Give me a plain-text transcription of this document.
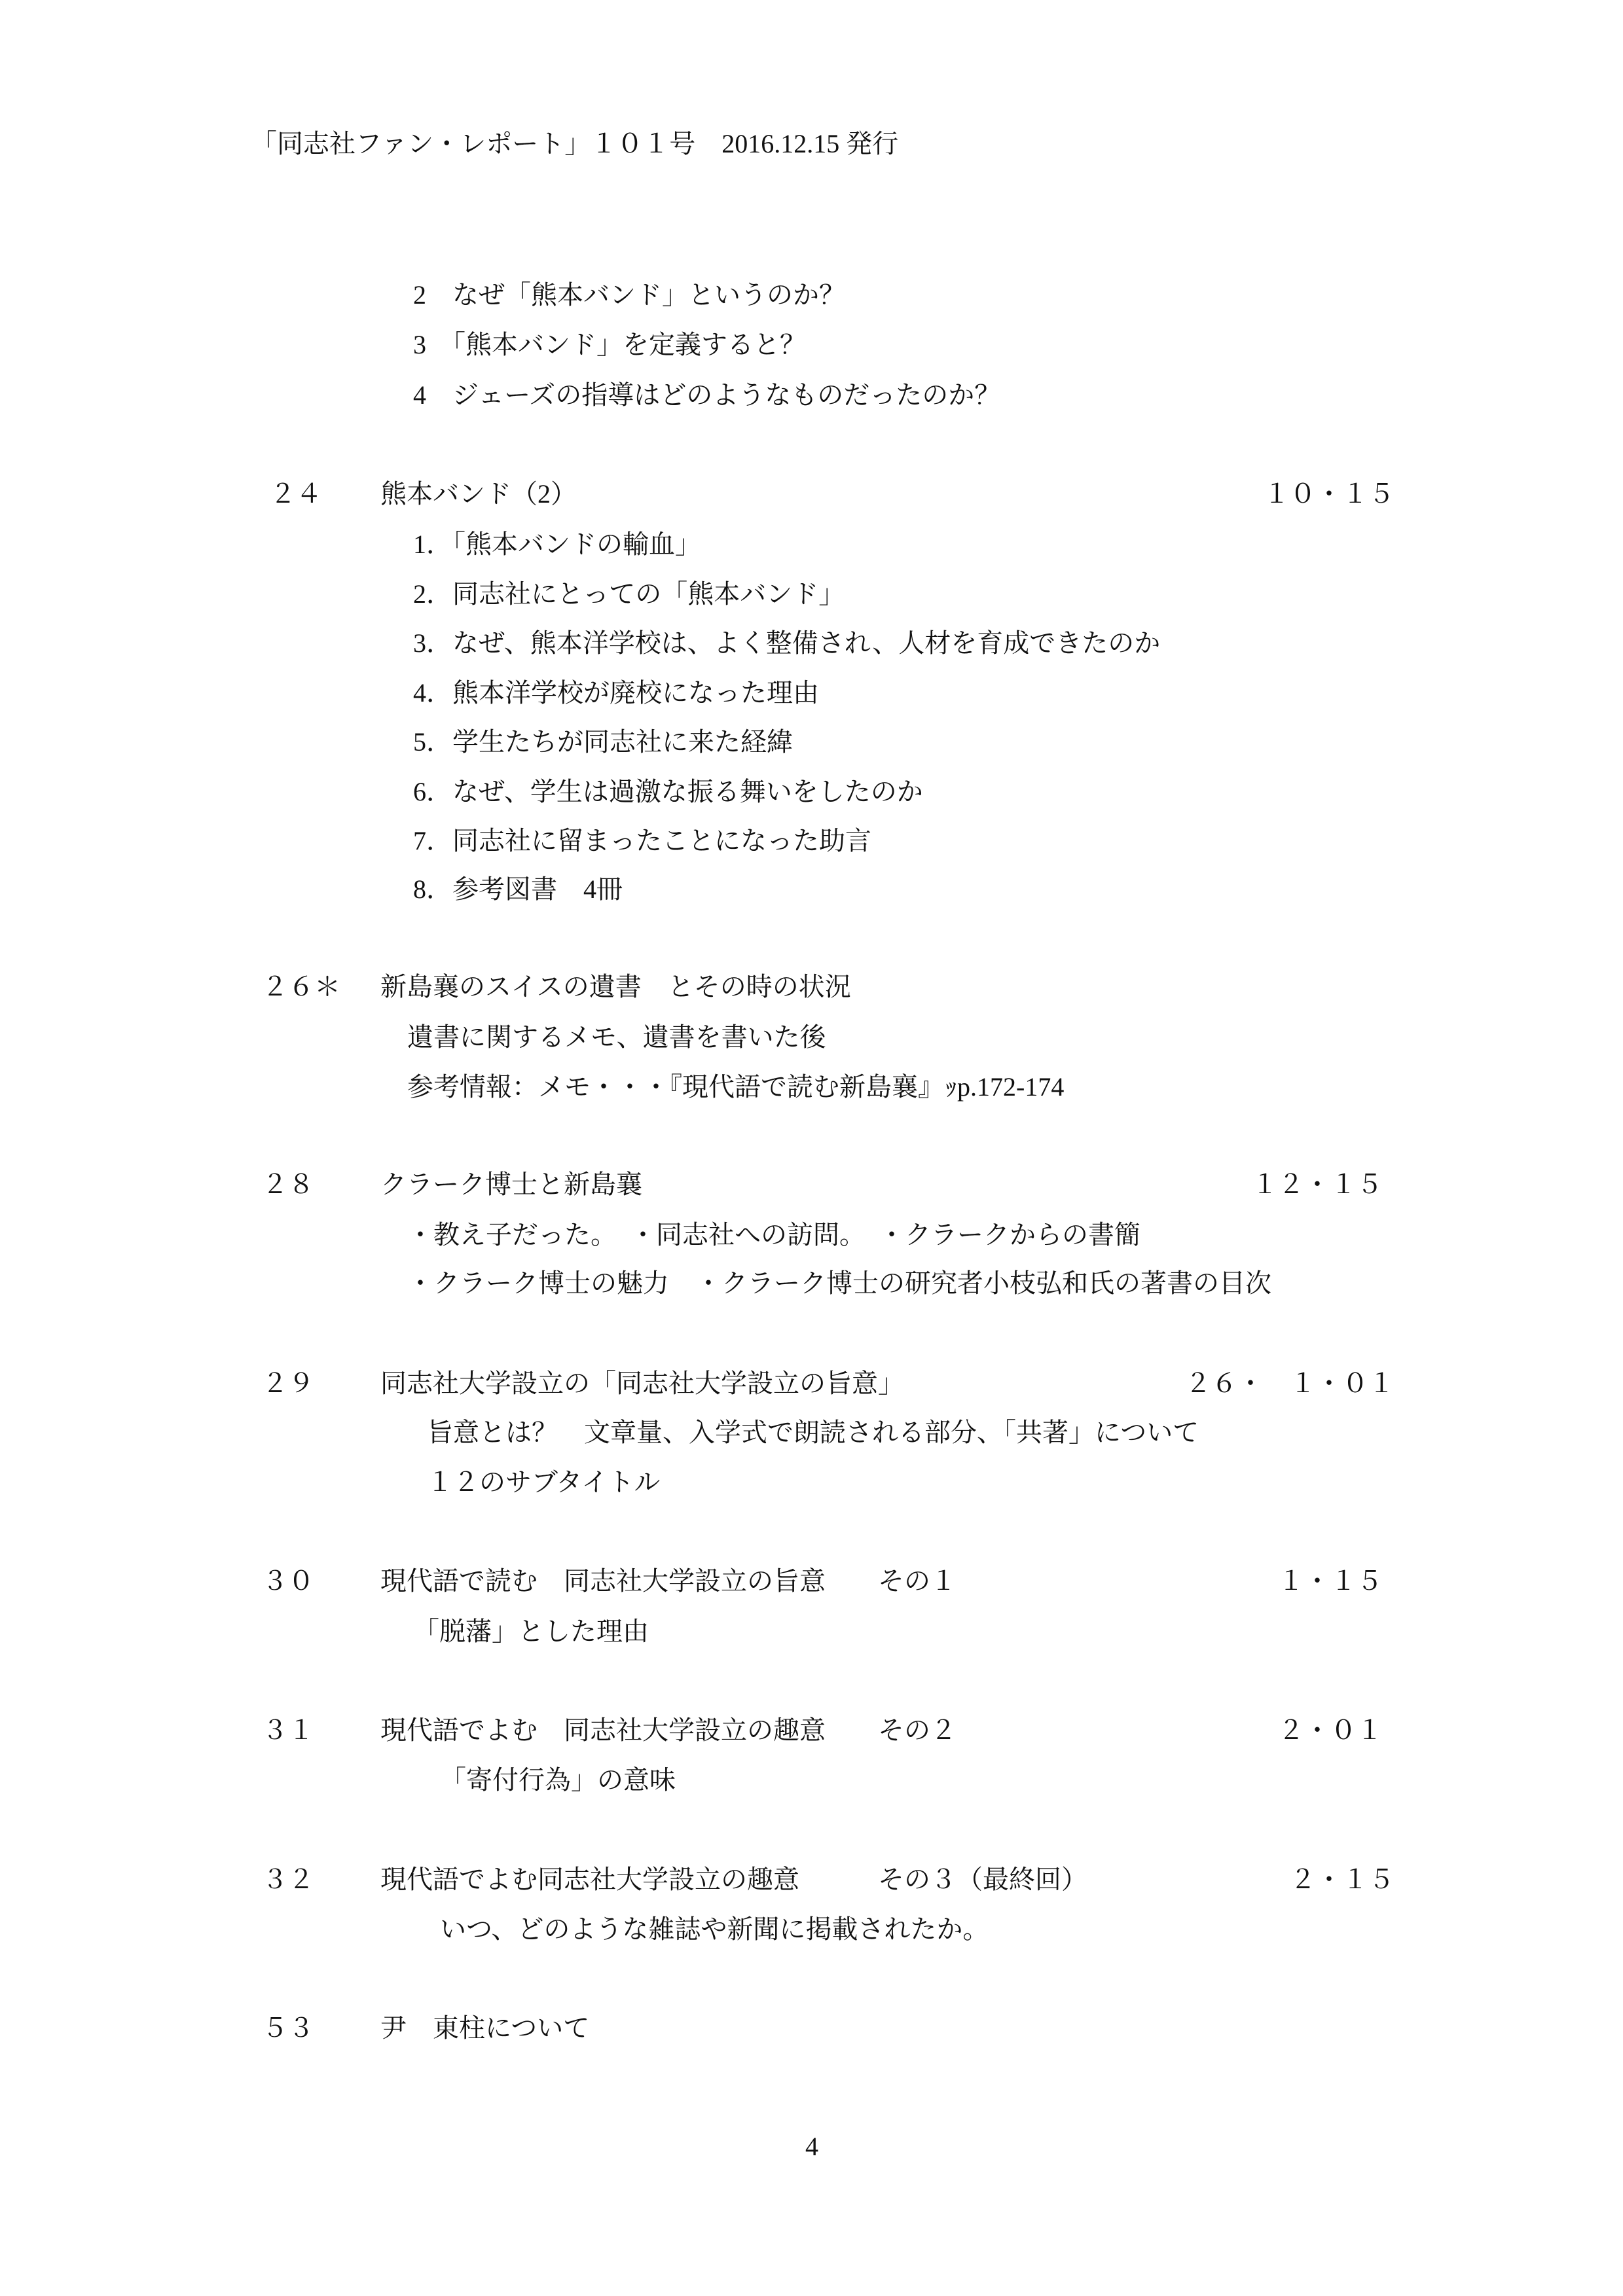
「同志社ファン・レポート」１０１号　2016.12.15 発行
2　なぜ「熊本バンド」というのか？
3　「熊本バンド」を定義すると？
4　ジェーズの指導はどのようなものだったのか？
２４ 熊本バンド（2）	１０・１５
1．「熊本バンドの輸血」
2．同志社にとっての「熊本バンド」
3．なぜ、熊本洋学校は、よく整備され、人材を育成できたのか
4．熊本洋学校が廃校になった理由
5．学生たちが同志社に来た経緯
6．なぜ、学生は過激な振る舞いをしたのか
7．同志社に留まったことになった助言
8．参考図書　4冊
２６＊ 新島襄のスイスの遺書　とその時の状況
遺書に関するメモ、遺書を書いた後
参考情報：メモ・・・『現代語で読む新島襄』ｯp.172-174
２８	クラーク博士と新島襄	１２・１５
・教え子だった。　・同志社への訪問。　・クラークからの書簡
・クラーク博士の魅力　・クラーク博士の研究者小枝弘和氏の著書の目次
２９	同志社大学設立の「同志社大学設立の旨意」	２６・　１・０１
旨意とは？　文章量、入学式で朗読される部分、「共著」について
１２のサブタイトル
３０	現代語で読む　同志社大学設立の旨意　　その１	１・１５
「脱藩」とした理由
３１	現代語でよむ　同志社大学設立の趣意　　その２	２・０１
「寄付行為」の意味
３２	現代語でよむ同志社大学設立の趣意　　　その３（最終回）	２・１５
いつ、どのような雑誌や新聞に掲載されたか。
５３	尹　東柱について
4
